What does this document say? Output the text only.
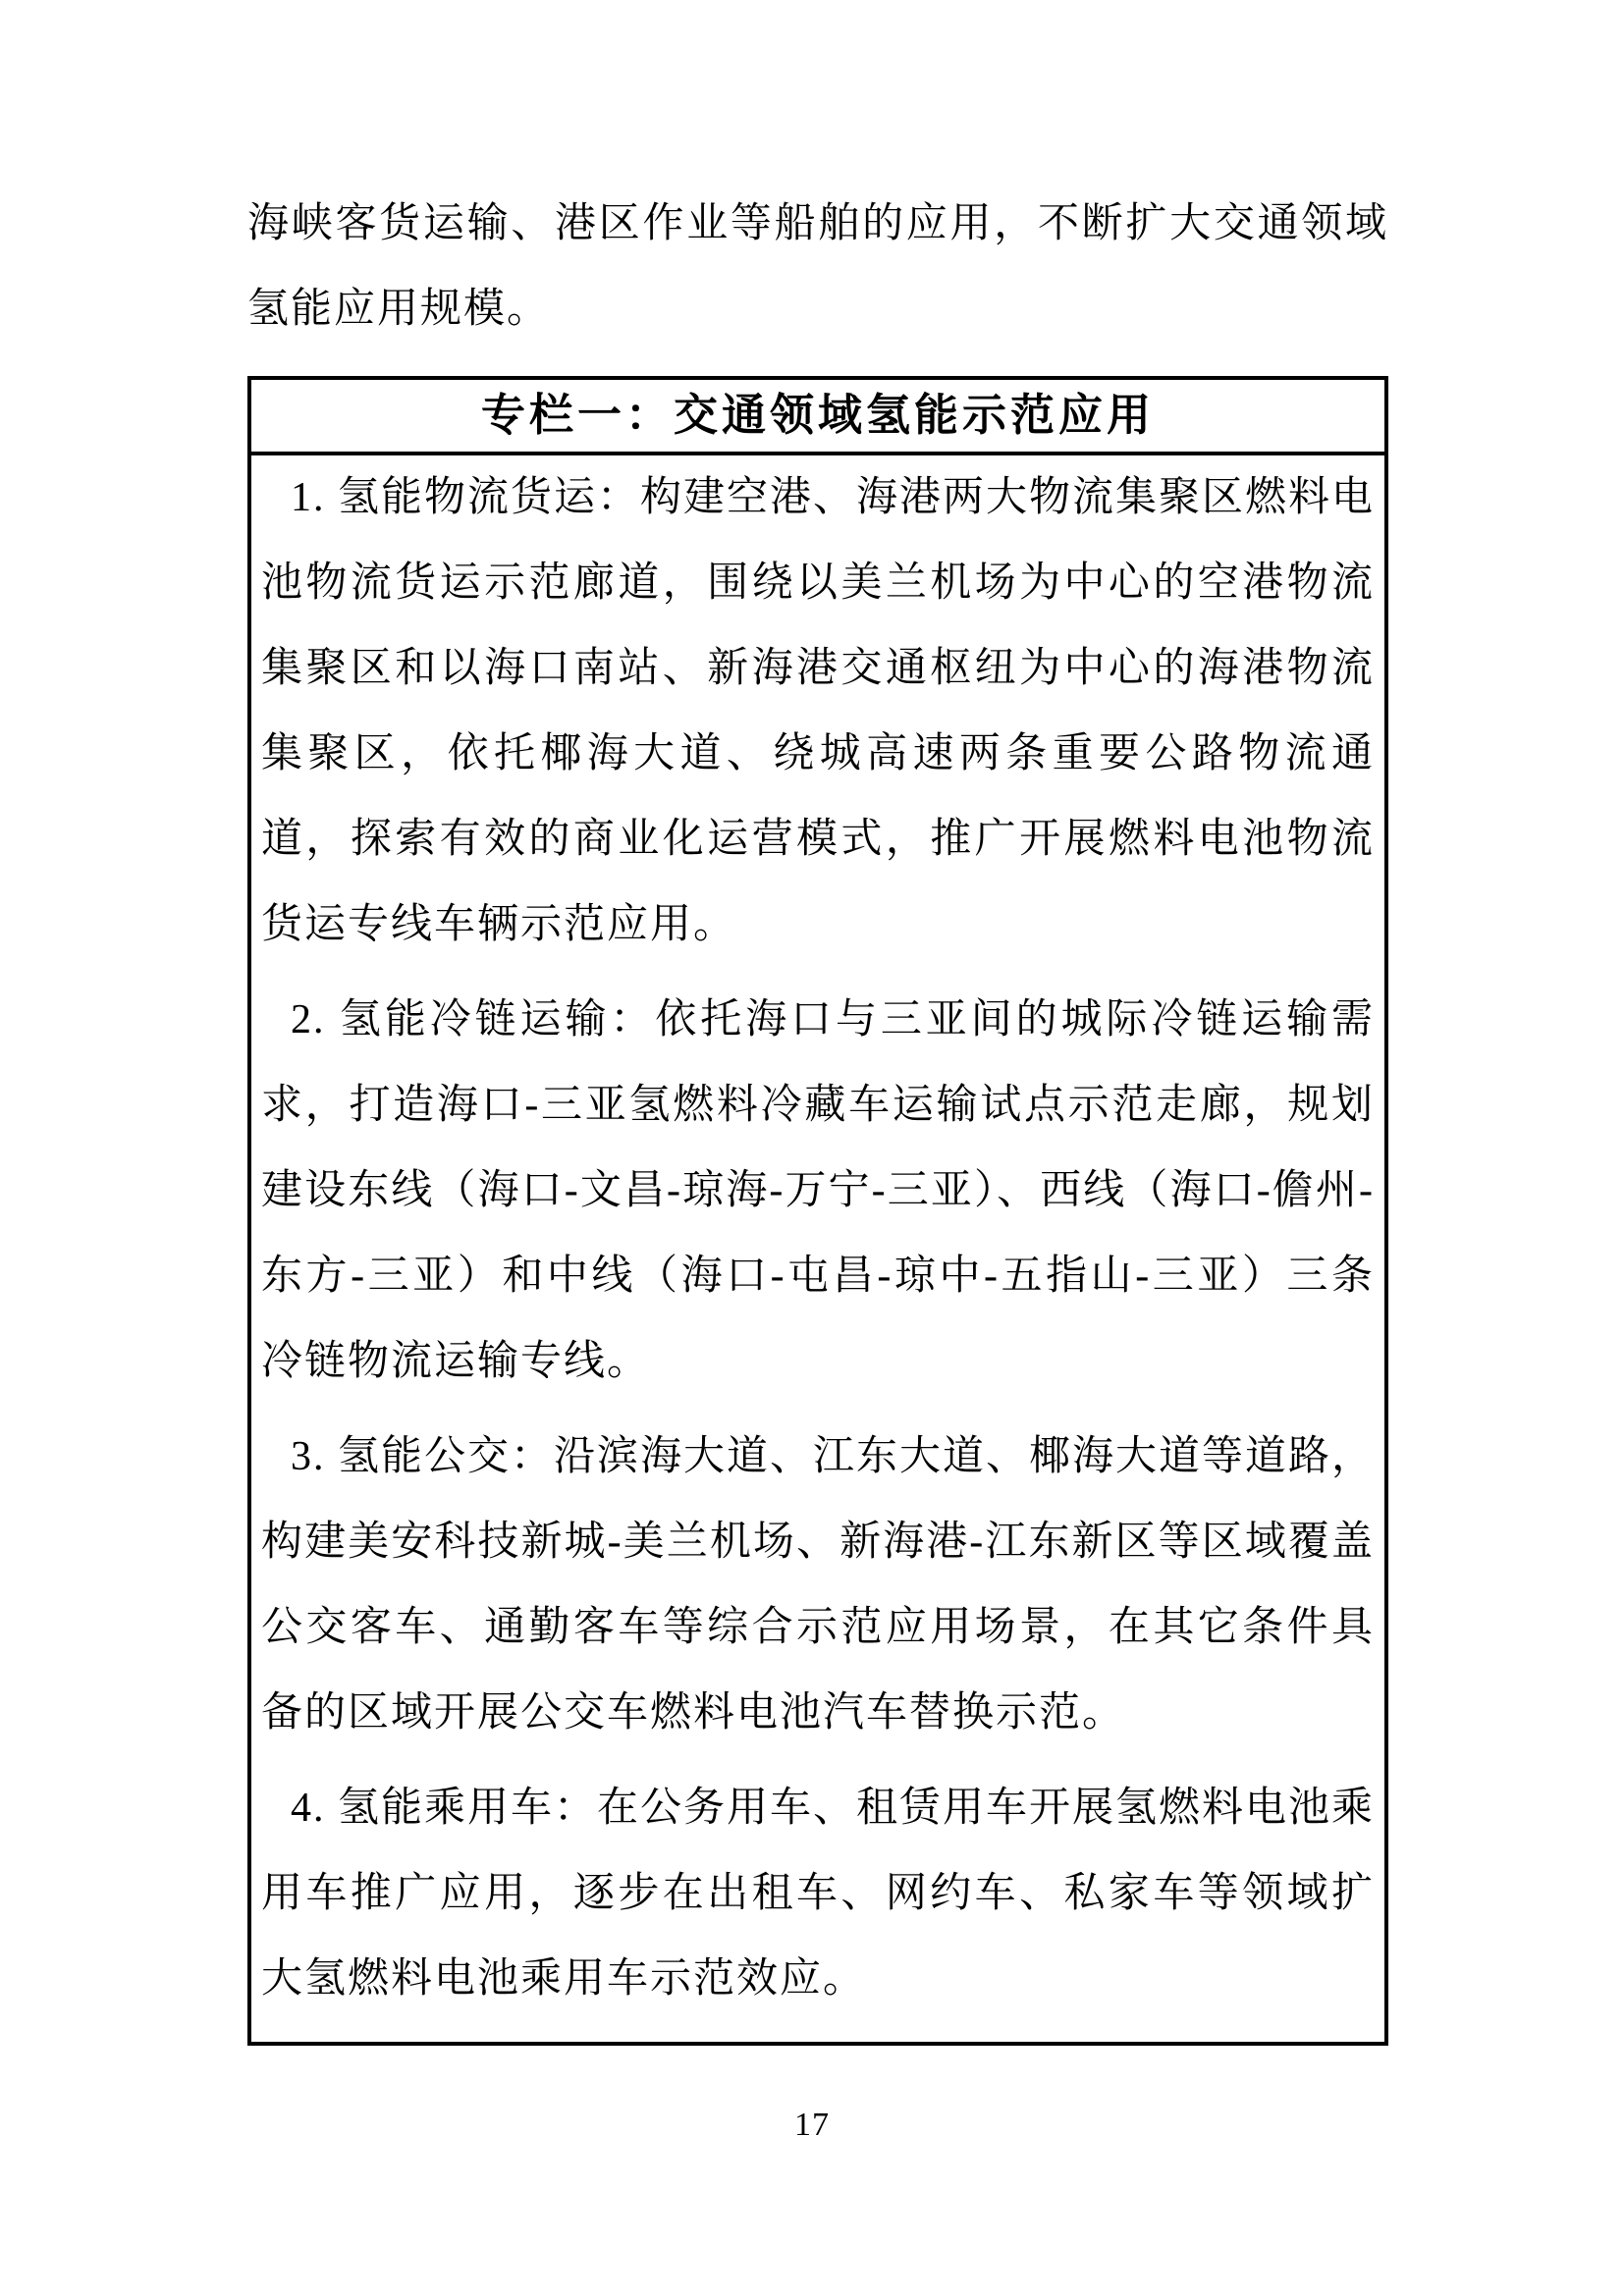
海峡客货运输、港区作业等船舶的应用，不断扩大交通领域氢能应用规模。

专栏一：交通领域氢能示范应用

1. 氢能物流货运：构建空港、海港两大物流集聚区燃料电池物流货运示范廊道，围绕以美兰机场为中心的空港物流集聚区和以海口南站、新海港交通枢纽为中心的海港物流集聚区，依托椰海大道、绕城高速两条重要公路物流通道，探索有效的商业化运营模式，推广开展燃料电池物流货运专线车辆示范应用。

2. 氢能冷链运输：依托海口与三亚间的城际冷链运输需求，打造海口-三亚氢燃料冷藏车运输试点示范走廊，规划建设东线（海口-文昌-琼海-万宁-三亚）、西线（海口-儋州-东方-三亚）和中线（海口-屯昌-琼中-五指山-三亚）三条冷链物流运输专线。

3. 氢能公交：沿滨海大道、江东大道、椰海大道等道路，构建美安科技新城-美兰机场、新海港-江东新区等区域覆盖公交客车、通勤客车等综合示范应用场景，在其它条件具备的区域开展公交车燃料电池汽车替换示范。

4. 氢能乘用车：在公务用车、租赁用车开展氢燃料电池乘用车推广应用，逐步在出租车、网约车、私家车等领域扩大氢燃料电池乘用车示范效应。

17
